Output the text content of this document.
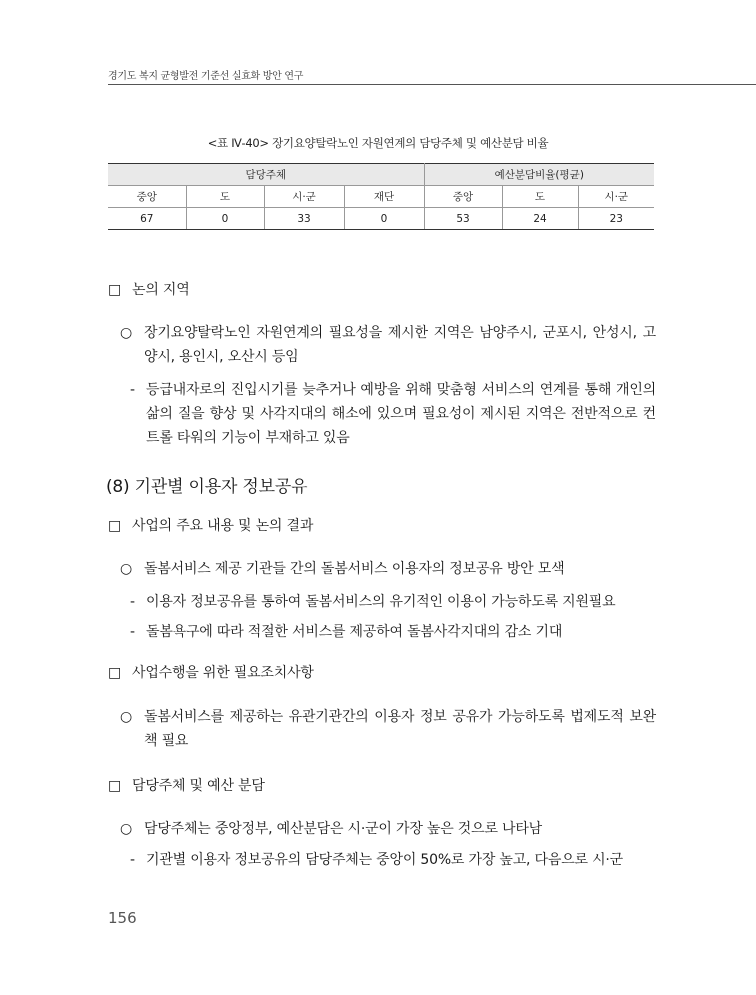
경기도 복지 균형발전 기준선 실효화 방안 연구
<표 Ⅳ-40> 장기요양탈락노인 자원연계의 담당주체 및 예산분담 비율
담당주체				예산분담비율(평균)		
중앙	도	시·군	재단	중앙	도	시·군
67	0	33	0	53	24	23
□ 논의 지역
○ 장기요양탈락노인 자원연계의 필요성을 제시한 지역은 남양주시, 군포시, 안성시, 고양시, 용인시, 오산시 등임
- 등급내자로의 진입시기를 늦추거나 예방을 위해 맞춤형 서비스의 연계를 통해 개인의 삶의 질을 향상 및 사각지대의 해소에 있으며 필요성이 제시된 지역은 전반적으로 컨트롤 타워의 기능이 부재하고 있음
(8) 기관별 이용자 정보공유
□ 사업의 주요 내용 및 논의 결과
○ 돌봄서비스 제공 기관들 간의 돌봄서비스 이용자의 정보공유 방안 모색
- 이용자 정보공유를 통하여 돌봄서비스의 유기적인 이용이 가능하도록 지원필요
- 돌봄욕구에 따라 적절한 서비스를 제공하여 돌봄사각지대의 감소 기대
□ 사업수행을 위한 필요조치사항
○ 돌봄서비스를 제공하는 유관기관간의 이용자 정보 공유가 가능하도록 법제도적 보완책 필요
□ 담당주체 및 예산 분담
○ 담당주체는 중앙정부, 예산분담은 시·군이 가장 높은 것으로 나타남
- 기관별 이용자 정보공유의 담당주체는 중앙이 50%로 가장 높고, 다음으로 시·군
156
